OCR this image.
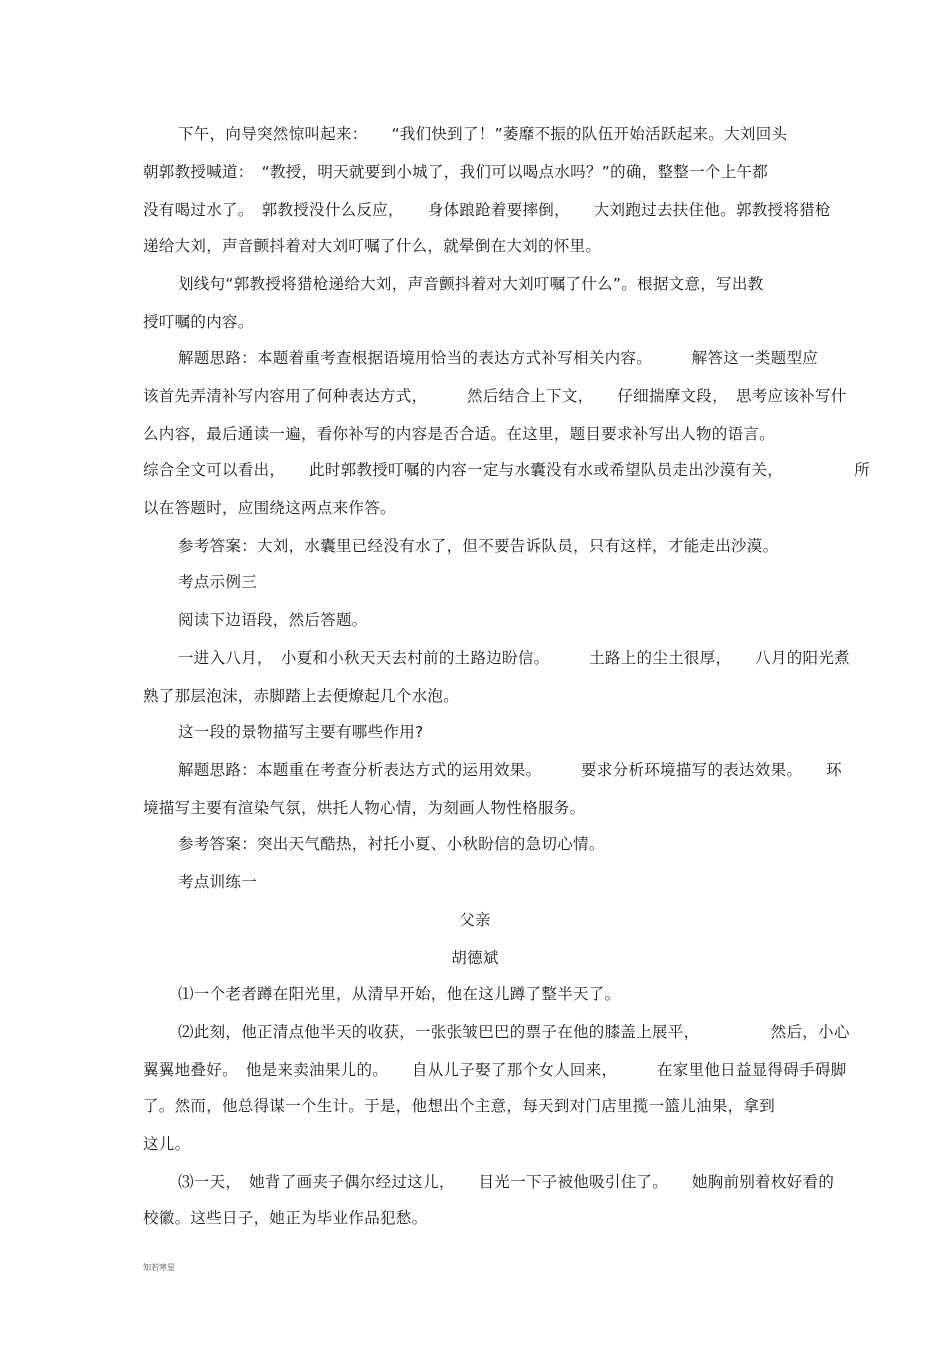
下午，向导突然惊叫起来：　　“我们快到了！”萎靡不振的队伍开始活跃起来。大刘回头
朝郭教授喊道：　“教授，明天就要到小城了，我们可以喝点水吗？”的确，整整一个上午都
没有喝过水了。　郭教授没什么反应，　　身体踉跄着要摔倒，　　大刘跑过去扶住他。郭教授将猎枪
递给大刘，声音颤抖着对大刘叮嘱了什么，就晕倒在大刘的怀里。
划线句“郭教授将猎枪递给大刘，声音颤抖着对大刘叮嘱了什么”。根据文意，写出教
授叮嘱的内容。
解题思路：本题着重考查根据语境用恰当的表达方式补写相关内容。　　　解答这一类题型应
该首先弄清补写内容用了何种表达方式，　　　然后结合上下文，　　仔细揣摩文段，　思考应该补写什
么内容，最后通读一遍，看你补写的内容是否合适。在这里，题目要求补写出人物的语言。
综合全文可以看出，　　此时郭教授叮嘱的内容一定与水囊没有水或希望队员走出沙漠有关，　　　　　所
以在答题时，应围绕这两点来作答。
参考答案：大刘，水囊里已经没有水了，但不要告诉队员，只有这样，才能走出沙漠。
考点示例三
阅读下边语段，然后答题。
一进入八月，　小夏和小秋天天去村前的土路边盼信。　　　土路上的尘土很厚，　　八月的阳光煮
熟了那层泡沫，赤脚踏上去便燎起几个水泡。
这一段的景物描写主要有哪些作用?
解题思路：本题重在考查分析表达方式的运用效果。　　　要求分析环境描写的表达效果。　　环
境描写主要有渲染气氛，烘托人物心情，为刻画人物性格服务。
参考答案：突出天气酷热，衬托小夏、小秋盼信的急切心情。
考点训练一
父亲
胡德斌
⑴一个老者蹲在阳光里，从清早开始，他在这儿蹲了整半天了。
⑵此刻，他正清点他半天的收获，一张张皱巴巴的票子在他的膝盖上展平，　　　　　然后，小心
翼翼地叠好。　他是来卖油果儿的。　　自从儿子娶了那个女人回来，　　　在家里他日益显得碍手碍脚
了。然而，他总得谋一个生计。于是，他想出个主意，每天到对门店里揽一篮儿油果，拿到
这儿。
⑶一天，　她背了画夹子偶尔经过这儿，　　目光一下子被他吸引住了。　　她胸前别着枚好看的
校徽。这些日子，她正为毕业作品犯愁。
知若寒星
